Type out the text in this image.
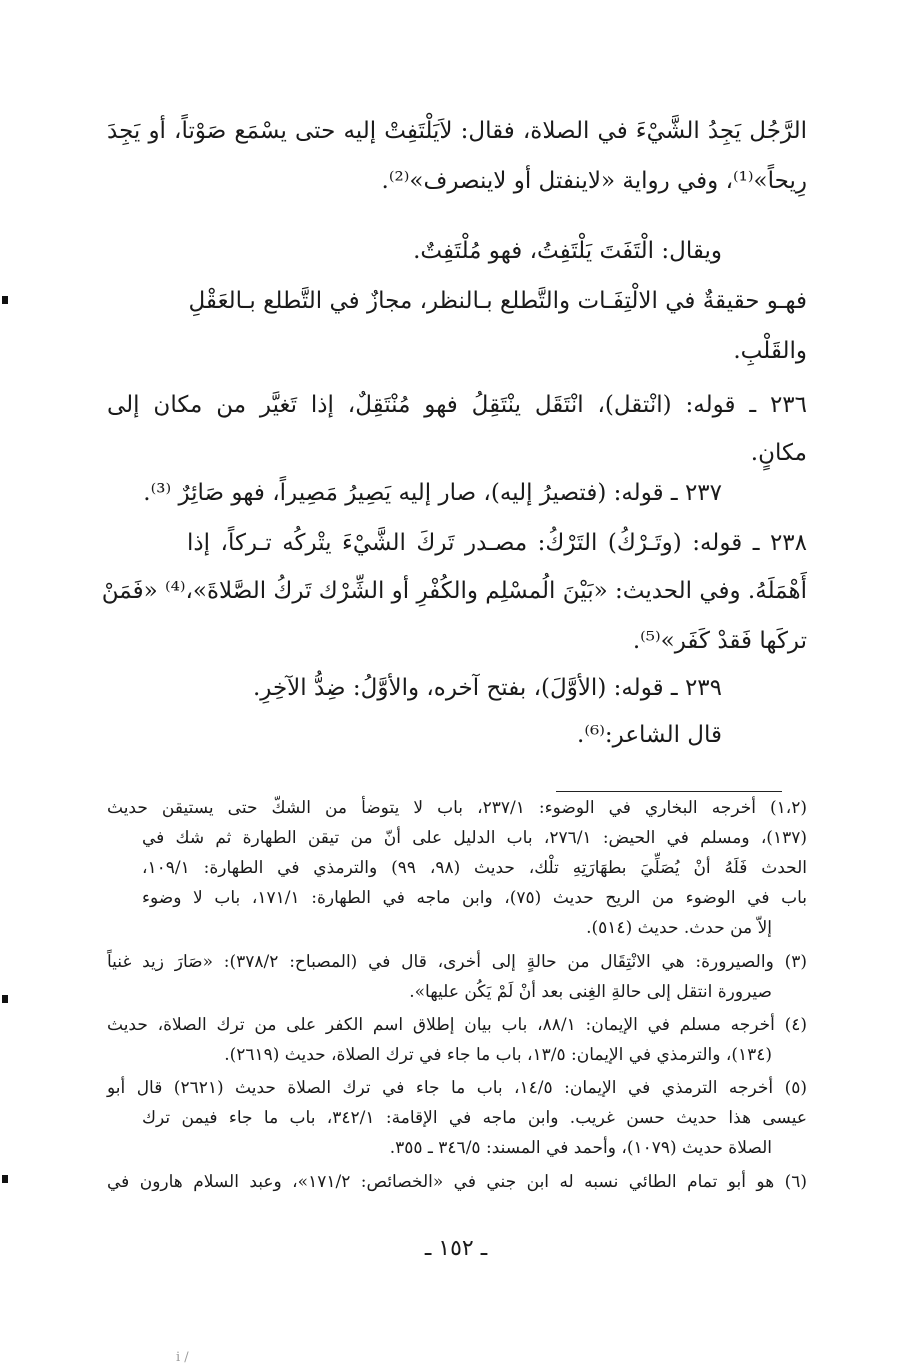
الرَّجُل يَجِدُ الشَّيْءَ في الصلاة، فقال: لاَيَلْتَفِتْ إليه حتى يسْمَع صَوْتاً، أو يَجِدَ
رِيحاً»⁽¹⁾، وفي رواية «لاينفتل أو لاينصرف»⁽²⁾.
ويقال: الْتَفَتَ يَلْتَفِتُ، فهو مُلْتَفِتٌ.
فهـو حقيقةٌ في الالْتِفَـات والتَّطلع بـالنظر، مجازٌ في التَّطلع بـالعَقْلِ
والقَلْبِ.
٢٣٦ ـ قوله: (انْتقل)، انْتَقَل ينْتَقِلُ فهو مُنْتَقِلٌ، إذا تَغيَّر من مكان إلى
مكانٍ.
٢٣٧ ـ قوله: (فتصيرُ إليه)، صار إليه يَصِيرُ مَصِيراً، فهو صَائِرٌ ⁽³⁾.
٢٣٨ ـ قوله: (وتَـرْكُ) التَرْكُ: مصـدر تَركَ الشَّيْءَ يتْركُه تـركاً، إذا
أَهْمَلَهُ. وفي الحديث: «بَيْنَ الُمسْلِم والكُفْرِ أو الشِّرْك تَركُ الصَّلاةَ»،⁽⁴⁾ «فَمَنْ
تركَها فَقدْ كَفَر»⁽⁵⁾.
٢٣٩ ـ قوله: (الأوَّلَ)، بفتح آخره، والأوَّلُ: ضِدُّ الآخِرِ.
قال الشاعر:⁽⁶⁾.
(١،٢) أخرجه البخاري في الوضوء: ٢٣٧/١، باب لا يتوضأ من الشكّ حتى يستيقن حديث
(١٣٧)، ومسلم في الحيض: ٢٧٦/١، باب الدليل على أنّ من تيقن الطهارة ثم شك في
الحدث فَلَهُ أنْ يُصَلِّيَ بطهَارَتِهِ تلْك، حديث (٩٨، ٩٩) والترمذي في الطهارة: ١٠٩/١،
باب في الوضوء من الريح حديث (٧٥)، وابن ماجه في الطهارة: ١٧١/١، باب لا وضوء
إلاّ من حدث. حديث (٥١٤).
(٣) والصيرورة: هي الانْتِقَال من حالةٍ إلى أخرى، قال في (المصباح: ٣٧٨/٢): «صَارَ زيد غنياً
صيرورة انتقل إلى حالةِ الغِنى بعد أنْ لَمْ يَكُن عليها».
(٤) أخرجه مسلم في الإيمان: ٨٨/١، باب بيان إطلاق اسم الكفر على من ترك الصلاة، حديث
(١٣٤)، والترمذي في الإيمان: ١٣/٥، باب ما جاء في ترك الصلاة، حديث (٢٦١٩).
(٥) أخرجه الترمذي في الإيمان: ١٤/٥، باب ما جاء في ترك الصلاة حديث (٢٦٢١) قال أبو
عيسى هذا حديث حسن غريب. وابن ماجه في الإقامة: ٣٤٢/١، باب ما جاء فيمن ترك
الصلاة حديث (١٠٧٩)، وأحمد في المسند: ٣٤٦/٥ ـ ٣٥٥.
(٦) هو أبو تمام الطائي نسبه له ابن جني في «الخصائص: ١٧١/٢»، وعبد السلام هارون في
ـ ١٥٢ ـ
i /
